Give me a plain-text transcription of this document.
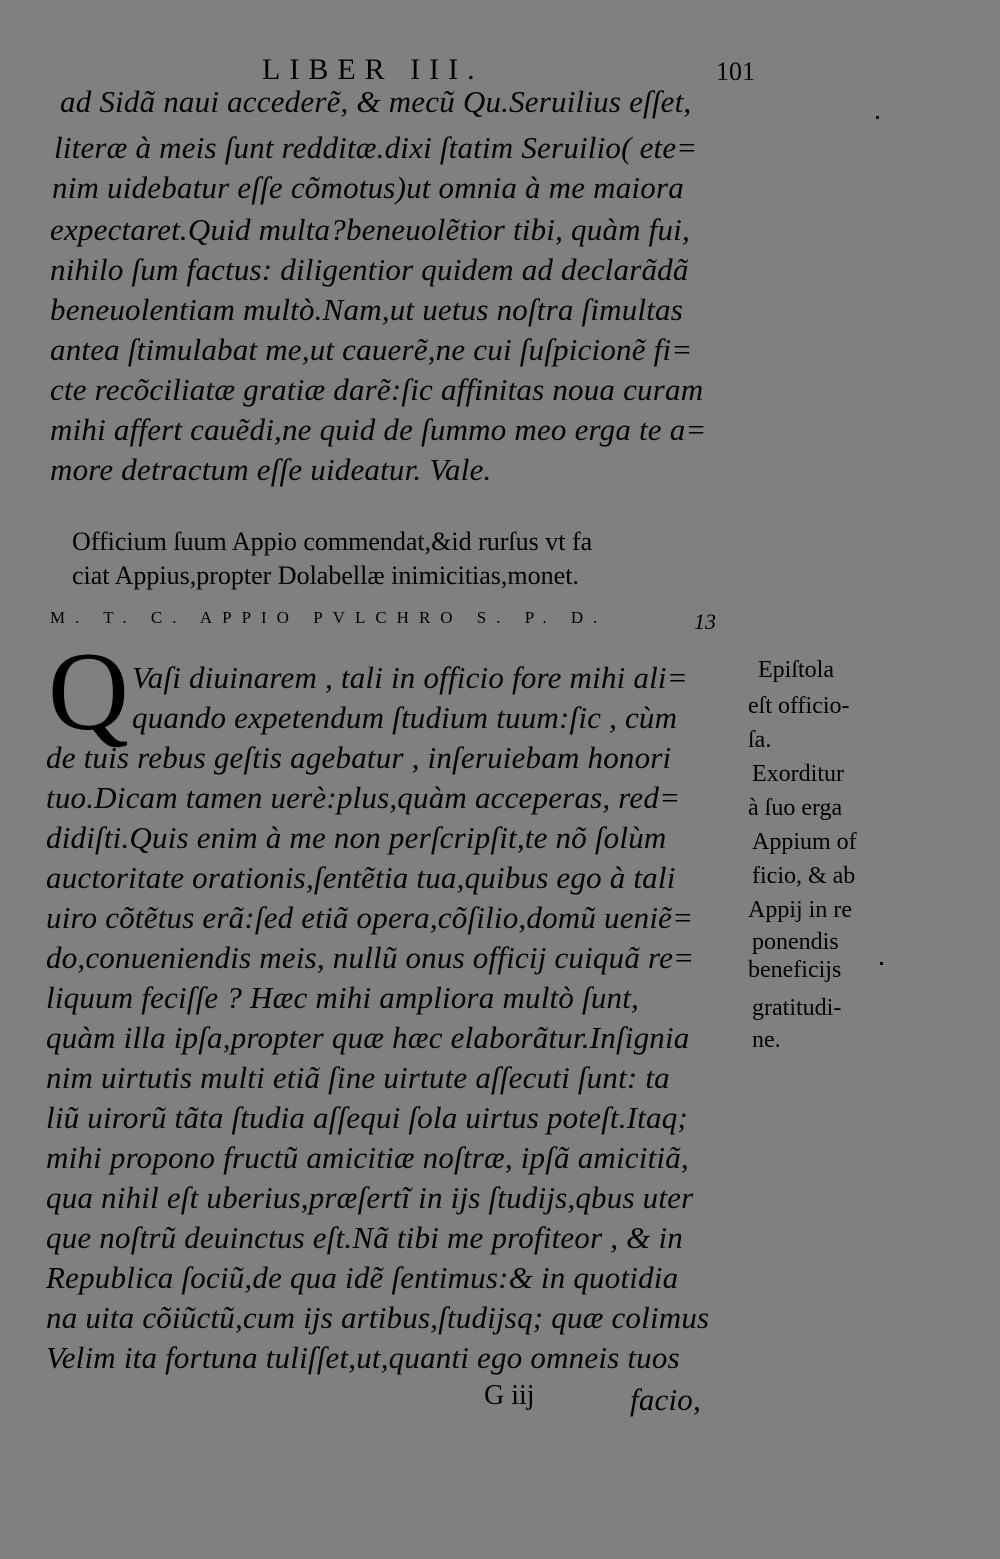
LIBER III.	101
ad Sidã naui accederẽ, & mecũ Qu.Seruilius eſſet,
literæ à meis ſunt redditæ.dixi ſtatim Seruilio( ete=
nim uidebatur eſſe cõmotus)ut omnia à me maiora
expectaret.Quid multa?beneuolẽtior tibi, quàm fui,
nihilo ſum factus: diligentior quidem ad declarãdã
beneuolentiam multò.Nam,ut uetus noſtra ſimultas
antea ſtimulabat me,ut cauerẽ,ne cui ſuſpicionẽ fi=
cte recõciliatæ gratiæ darẽ:ſic affinitas noua curam
mihi affert cauẽdi,ne quid de ſummo meo erga te a=
more detractum eſſe uideatur. Vale.
Officium ſuum Appio commendat,&id rurſus vt fa
ciat Appius,propter Dolabellæ inimicitias,monet.
M. T. C. APPIO PVLCHRO S. P. D.	13
Q Vaſi diuinarem , tali in officio fore mihi ali=
quando expetendum ſtudium tuum:ſic , cùm
de tuis rebus geſtis agebatur , inſeruiebam honori
tuo.Dicam tamen uerè:plus,quàm acceperas, red=
didiſti.Quis enim à me non perſcripſit,te nõ ſolùm
auctoritate orationis,ſentẽtia tua,quibus ego à tali
uiro cõtẽtus erã:ſed etiã opera,cõſilio,domũ ueniẽ=
do,conueniendis meis, nullũ onus officij cuiquã re=
liquum feciſſe ? Hæc mihi ampliora multò ſunt,
quàm illa ipſa,propter quæ hæc elaborãtur.Inſignia
nim uirtutis multi etiã ſine uirtute aſſecuti ſunt: ta
liũ uirorũ tãta ſtudia aſſequi ſola uirtus poteſt.Itaq;
mihi propono fructũ amicitiæ noſtræ, ipſã amicitiã,
qua nihil eſt uberius,præſertĩ in ijs ſtudijs,qbus uter
que noſtrũ deuinctus eſt.Nã tibi me profiteor , & in
Republica ſociũ,de qua idẽ ſentimus:& in quotidia
na uita cõiũctũ,cum ijs artibus,ſtudijsq; quæ colimus
Velim ita fortuna tuliſſet,ut,quanti ego omneis tuos
G iij	facio,
Epiſtola
eſt officio-
ſa.
Exorditur
à ſuo erga
Appium of
ficio, & ab
Appij in re
ponendis
beneficijs
gratitudi-
ne.
